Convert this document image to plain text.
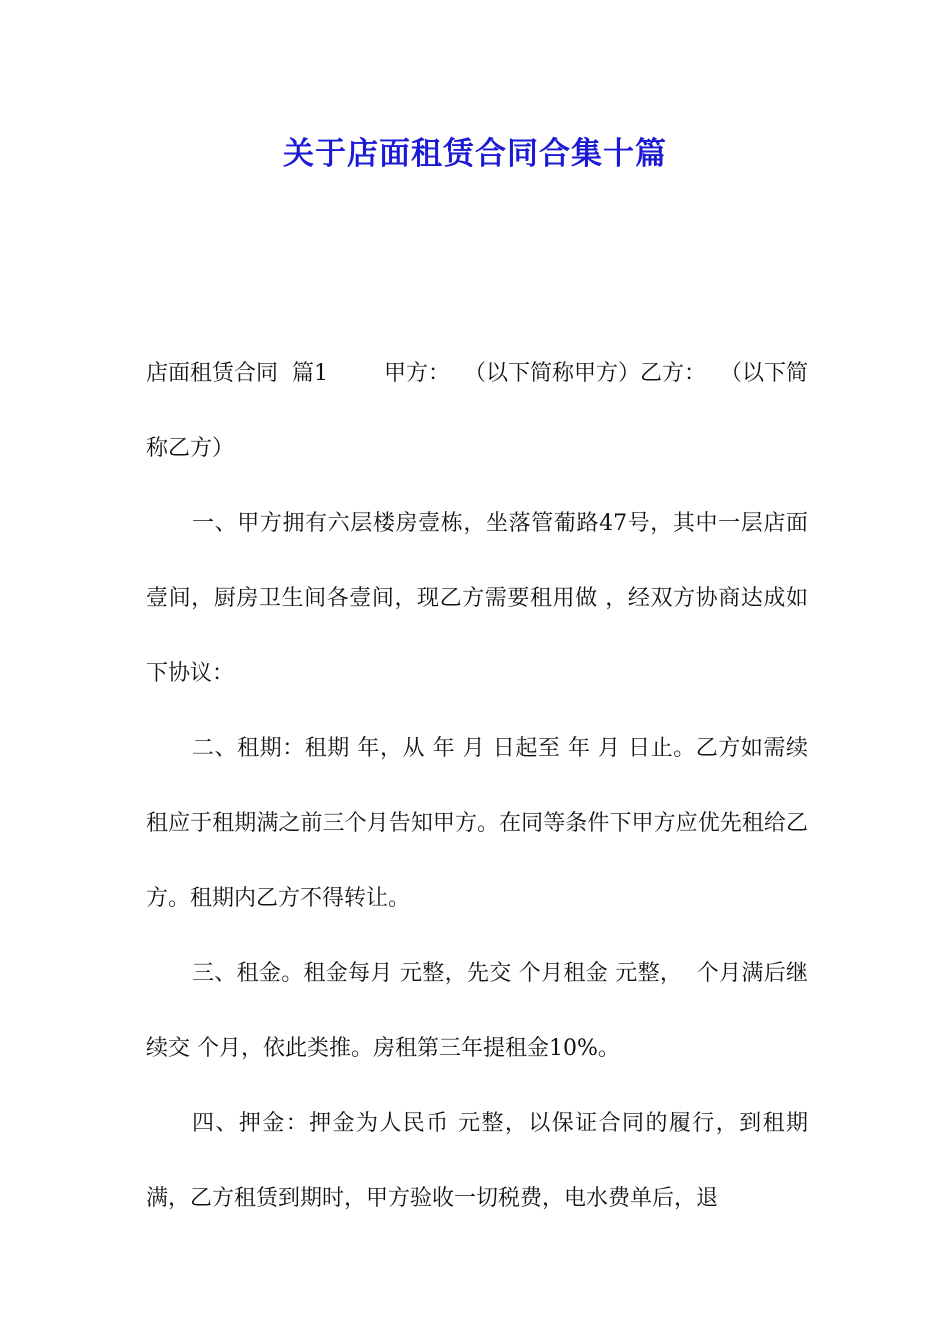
关于店面租赁合同合集十篇

店面租赁合同  篇1        甲方：  （以下简称甲方）乙方：  （以下简称乙方）

一、甲方拥有六层楼房壹栋，坐落管葡路47号，其中一层店面壹间，厨房卫生间各壹间，现乙方需要租用做 ，经双方协商达成如下协议：

二、租期：租期 年，从 年 月 日起至 年 月 日止。乙方如需续租应于租期满之前三个月告知甲方。在同等条件下甲方应优先租给乙方。租期内乙方不得转让。

三、租金。租金每月 元整，先交 个月租金 元整，  个月满后继续交 个月，依此类推。房租第三年提租金10%。

四、押金：押金为人民币 元整，以保证合同的履行，到租期满，乙方租赁到期时，甲方验收一切税费，电水费单后，退
